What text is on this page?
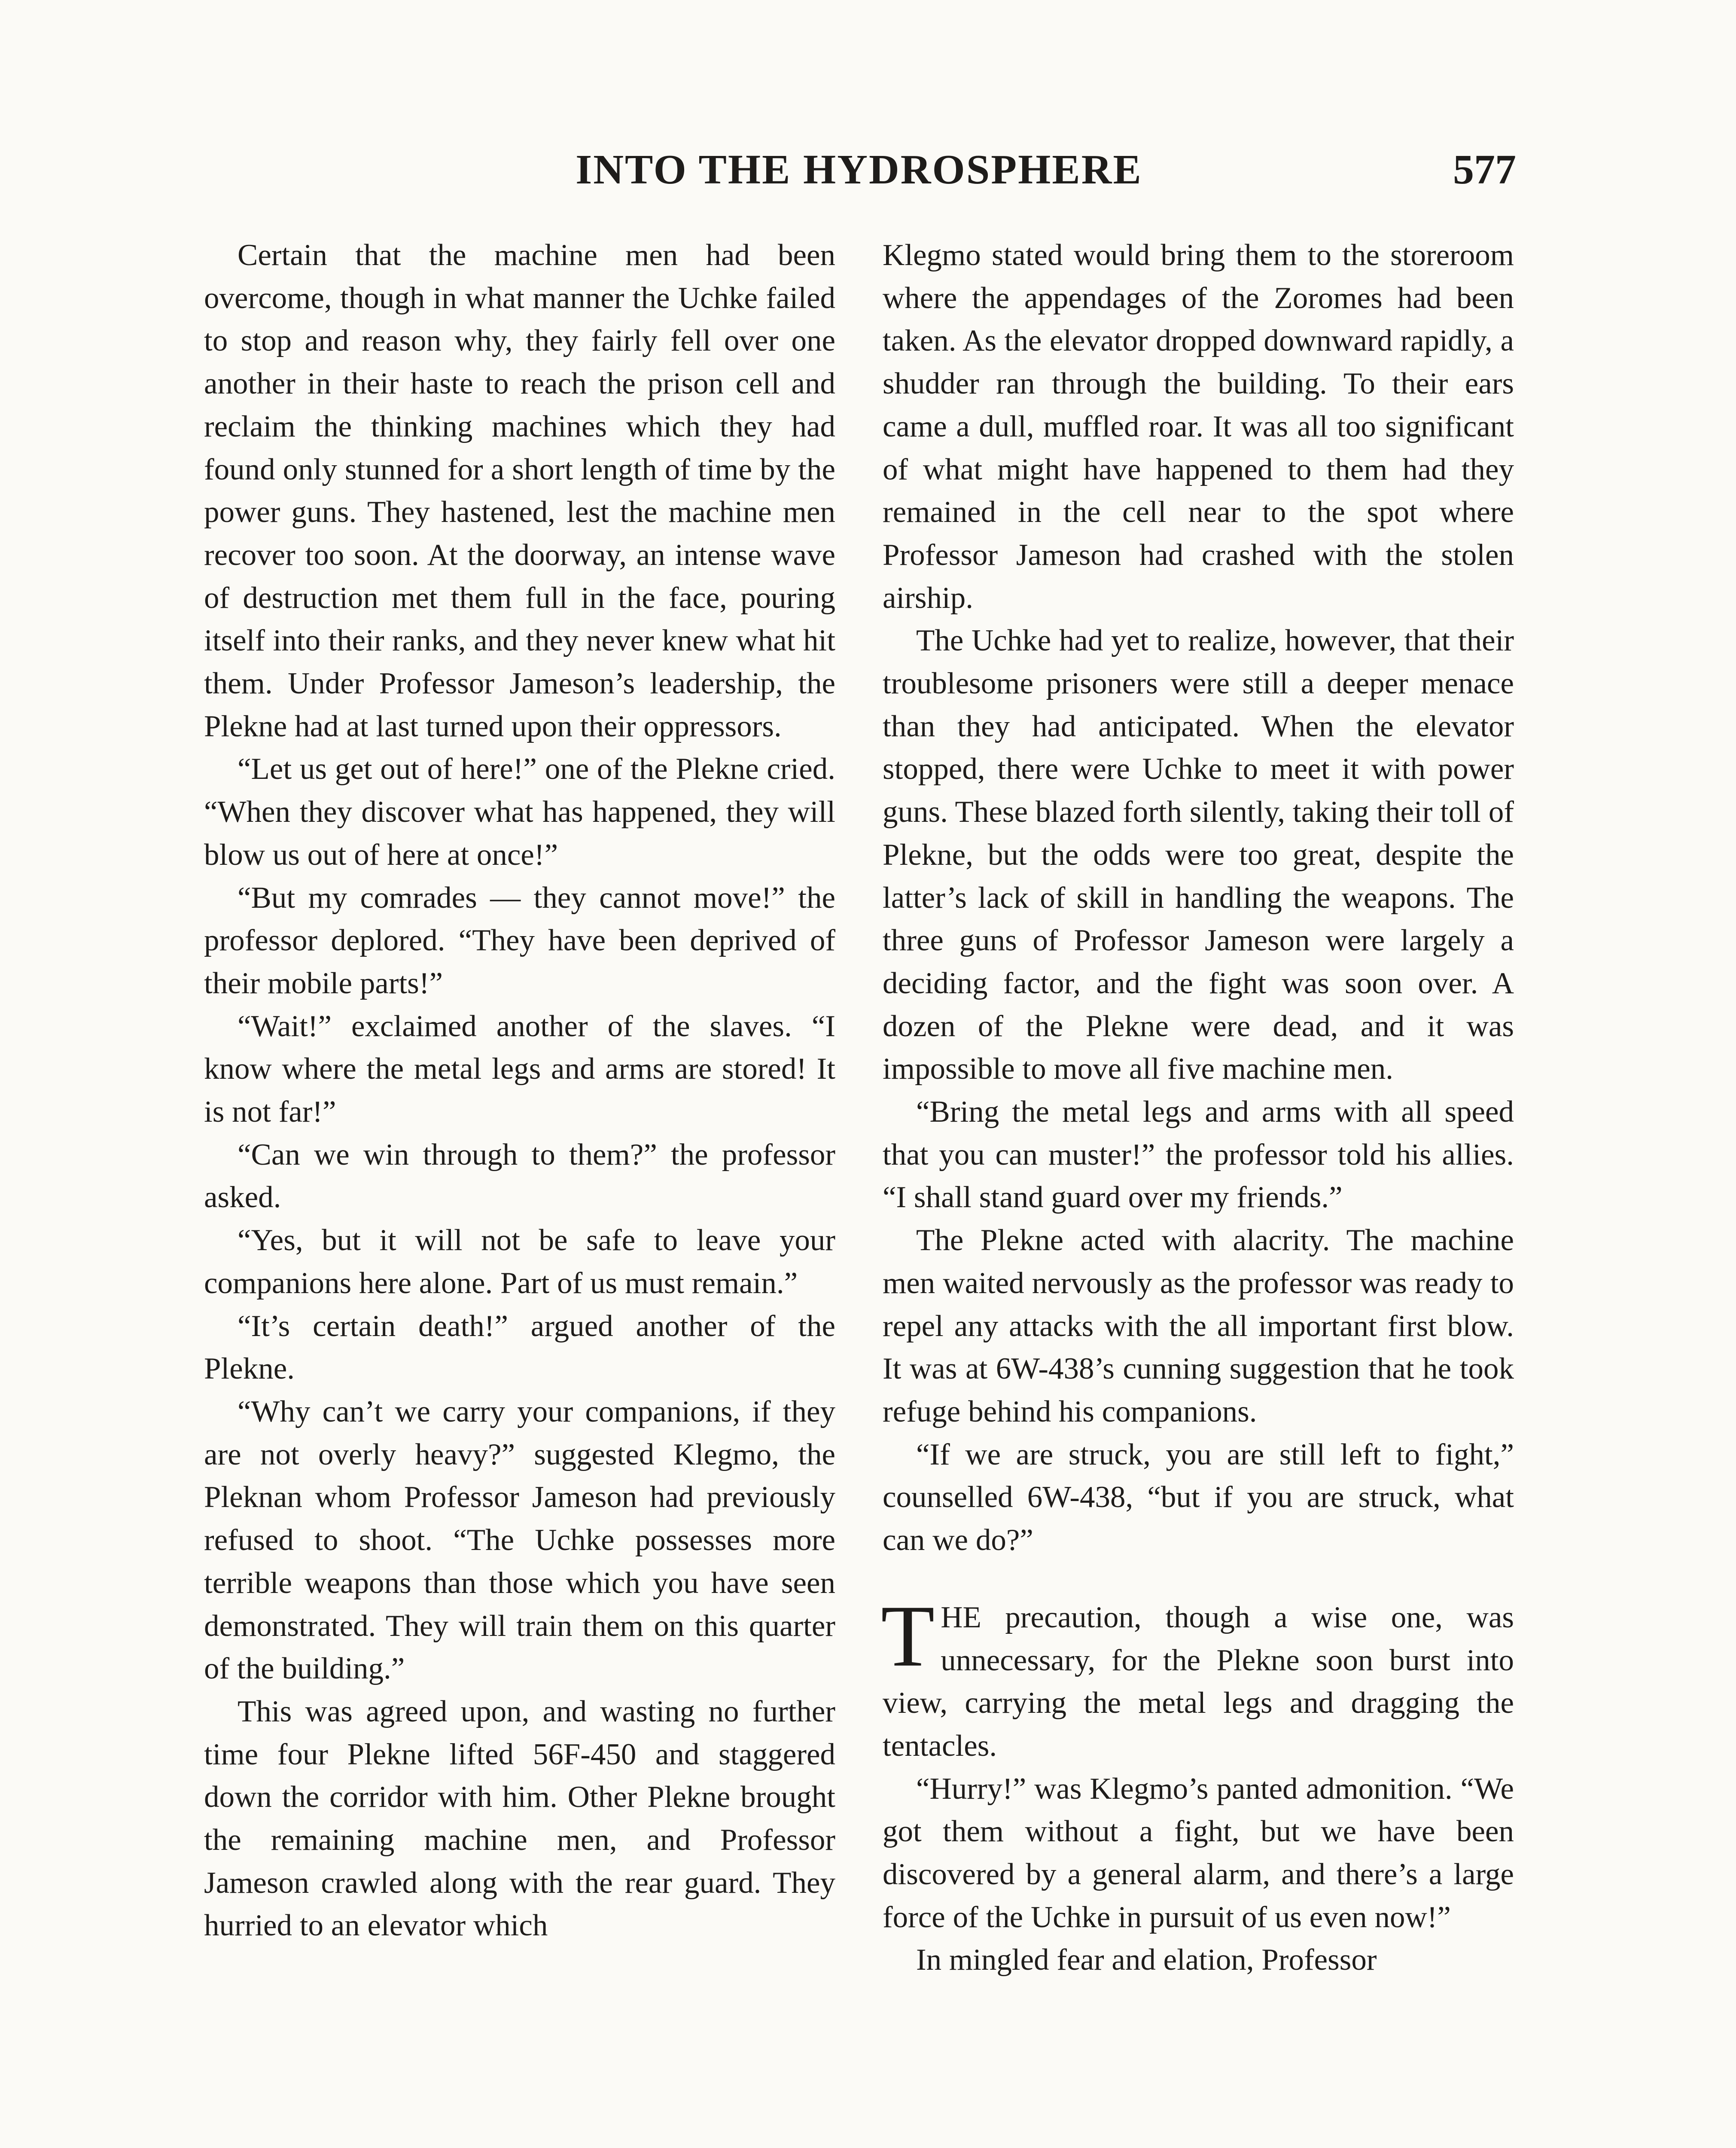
INTO THE HYDROSPHERE	577

Certain that the machine men had been overcome, though in what manner the Uchke failed to stop and reason why, they fairly fell over one another in their haste to reach the prison cell and reclaim the thinking machines which they had found only stunned for a short length of time by the power guns. They hastened, lest the machine men recover too soon. At the doorway, an intense wave of destruction met them full in the face, pouring itself into their ranks, and they never knew what hit them. Under Professor Jameson’s leadership, the Plekne had at last turned upon their oppressors.

“Let us get out of here!” one of the Plekne cried. “When they discover what has happened, they will blow us out of here at once!”

“But my comrades — they cannot move!” the professor deplored. “They have been deprived of their mobile parts!”

“Wait!” exclaimed another of the slaves. “I know where the metal legs and arms are stored! It is not far!”

“Can we win through to them?” the professor asked.

“Yes, but it will not be safe to leave your companions here alone. Part of us must remain.”

“It’s certain death!” argued another of the Plekne.

“Why can’t we carry your companions, if they are not overly heavy?” suggested Klegmo, the Pleknan whom Professor Jameson had previously refused to shoot. “The Uchke possesses more terrible weapons than those which you have seen demonstrated. They will train them on this quarter of the building.”

This was agreed upon, and wasting no further time four Plekne lifted 56F-450 and staggered down the corridor with him. Other Plekne brought the remaining machine men, and Professor Jameson crawled along with the rear guard. They hurried to an elevator which

Klegmo stated would bring them to the storeroom where the appendages of the Zoromes had been taken. As the elevator dropped downward rapidly, a shudder ran through the building. To their ears came a dull, muffled roar. It was all too significant of what might have happened to them had they remained in the cell near to the spot where Professor Jameson had crashed with the stolen airship.

The Uchke had yet to realize, however, that their troublesome prisoners were still a deeper menace than they had anticipated. When the elevator stopped, there were Uchke to meet it with power guns. These blazed forth silently, taking their toll of Plekne, but the odds were too great, despite the latter’s lack of skill in handling the weapons. The three guns of Professor Jameson were largely a deciding factor, and the fight was soon over. A dozen of the Plekne were dead, and it was impossible to move all five machine men.

“Bring the metal legs and arms with all speed that you can muster!” the professor told his allies. “I shall stand guard over my friends.”

The Plekne acted with alacrity. The machine men waited nervously as the professor was ready to repel any attacks with the all important first blow. It was at 6W-438’s cunning suggestion that he took refuge behind his companions.

“If we are struck, you are still left to fight,” counselled 6W-438, “but if you are struck, what can we do?”

THE precaution, though a wise one, was unnecessary, for the Plekne soon burst into view, carrying the metal legs and dragging the tentacles.

“Hurry!” was Klegmo’s panted admonition. “We got them without a fight, but we have been discovered by a general alarm, and there’s a large force of the Uchke in pursuit of us even now!”

In mingled fear and elation, Professor
